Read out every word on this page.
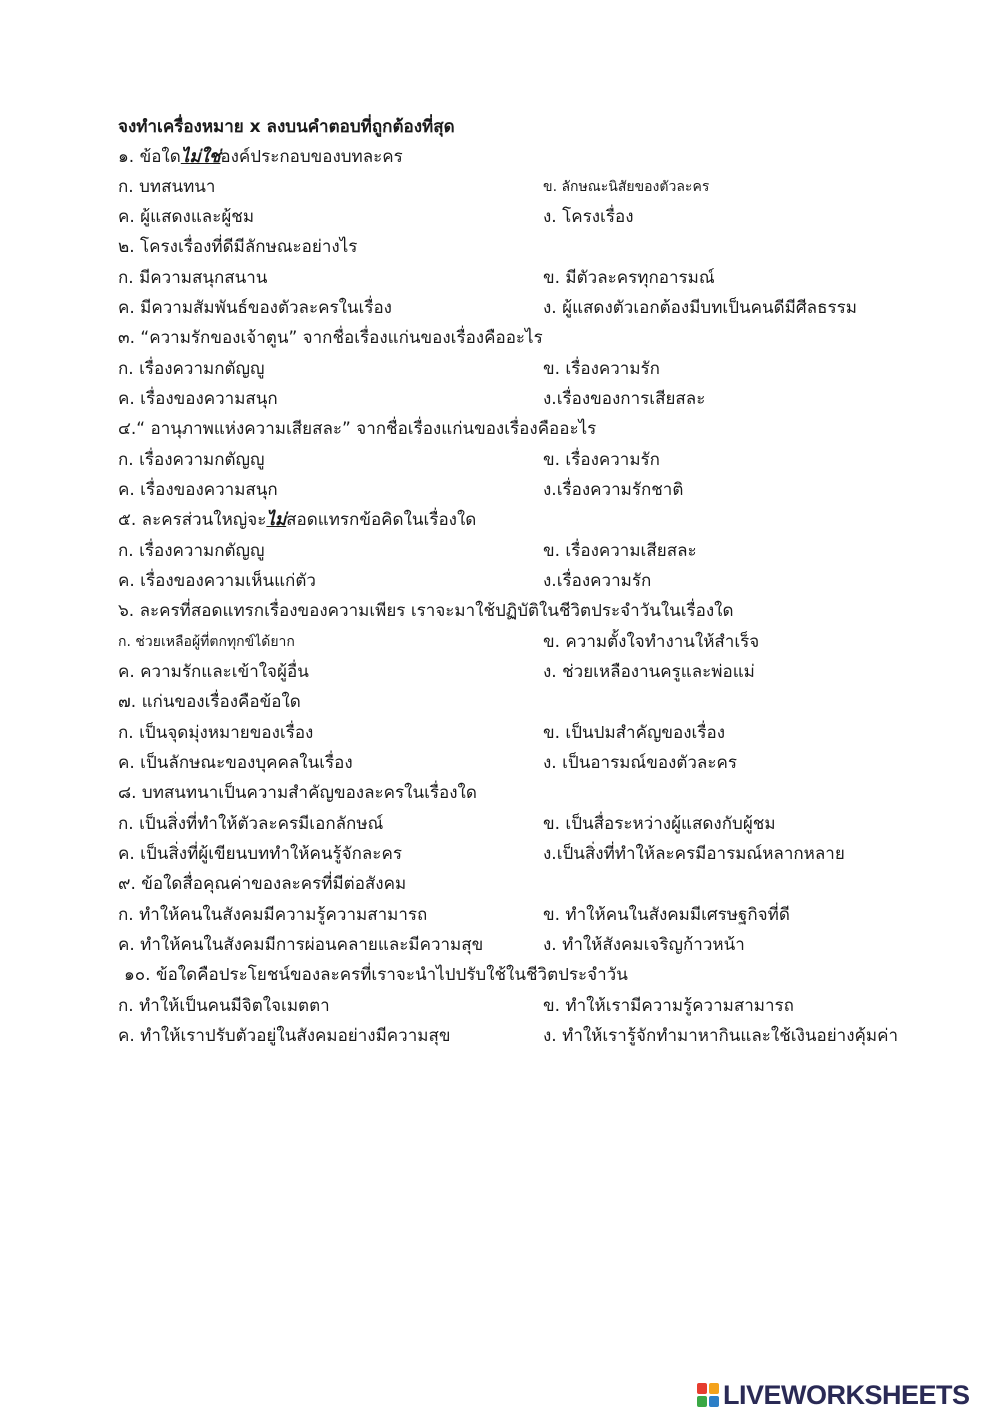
จงทำเครื่องหมาย x ลงบนคำตอบที่ถูกต้องที่สุด
๑. ข้อใดไม่ใช่องค์ประกอบของบทละคร
ก. บทสนทนา	ข. ลักษณะนิสัยของตัวละคร
ค. ผู้แสดงและผู้ชม	ง. โครงเรื่อง
๒. โครงเรื่องที่ดีมีลักษณะอย่างไร
ก. มีความสนุกสนาน	ข. มีตัวละครทุกอารมณ์
ค. มีความสัมพันธ์ของตัวละครในเรื่อง	ง. ผู้แสดงตัวเอกต้องมีบทเป็นคนดีมีศีลธรรม
๓. “ความรักของเจ้าตูน” จากชื่อเรื่องแก่นของเรื่องคืออะไร
ก. เรื่องความกตัญญู	ข. เรื่องความรัก
ค. เรื่องของความสนุก	ง.เรื่องของการเสียสละ
๔.“ อานุภาพแห่งความเสียสละ” จากชื่อเรื่องแก่นของเรื่องคืออะไร
ก. เรื่องความกตัญญู	ข. เรื่องความรัก
ค. เรื่องของความสนุก	ง.เรื่องความรักชาติ
๕. ละครส่วนใหญ่จะไม่สอดแทรกข้อคิดในเรื่องใด
ก. เรื่องความกตัญญู	ข. เรื่องความเสียสละ
ค. เรื่องของความเห็นแก่ตัว	ง.เรื่องความรัก
๖. ละครที่สอดแทรกเรื่องของความเพียร เราจะมาใช้ปฏิบัติในชีวิตประจำวันในเรื่องใด
ก. ช่วยเหลือผู้ที่ตกทุกข์ได้ยาก	ข. ความตั้งใจทำงานให้สำเร็จ
ค. ความรักและเข้าใจผู้อื่น	ง. ช่วยเหลืองานครูและพ่อแม่
๗. แก่นของเรื่องคือข้อใด
ก. เป็นจุดมุ่งหมายของเรื่อง	ข. เป็นปมสำคัญของเรื่อง
ค. เป็นลักษณะของบุคคลในเรื่อง	ง. เป็นอารมณ์ของตัวละคร
๘. บทสนทนาเป็นความสำคัญของละครในเรื่องใด
ก. เป็นสิ่งที่ทำให้ตัวละครมีเอกลักษณ์	ข. เป็นสื่อระหว่างผู้แสดงกับผู้ชม
ค. เป็นสิ่งที่ผู้เขียนบททำให้คนรู้จักละคร	ง.เป็นสิ่งที่ทำให้ละครมีอารมณ์หลากหลาย
๙. ข้อใดสื่อคุณค่าของละครที่มีต่อสังคม
ก. ทำให้คนในสังคมมีความรู้ความสามารถ	ข. ทำให้คนในสังคมมีเศรษฐกิจที่ดี
ค. ทำให้คนในสังคมมีการผ่อนคลายและมีความสุข	ง. ทำให้สังคมเจริญก้าวหน้า
๑๐. ข้อใดคือประโยชน์ของละครที่เราจะนำไปปรับใช้ในชีวิตประจำวัน
ก. ทำให้เป็นคนมีจิตใจเมตตา	ข. ทำให้เรามีความรู้ความสามารถ
ค. ทำให้เราปรับตัวอยู่ในสังคมอย่างมีความสุข	ง. ทำให้เรารู้จักทำมาหากินและใช้เงินอย่างคุ้มค่า
LIVEWORKSHEETS
